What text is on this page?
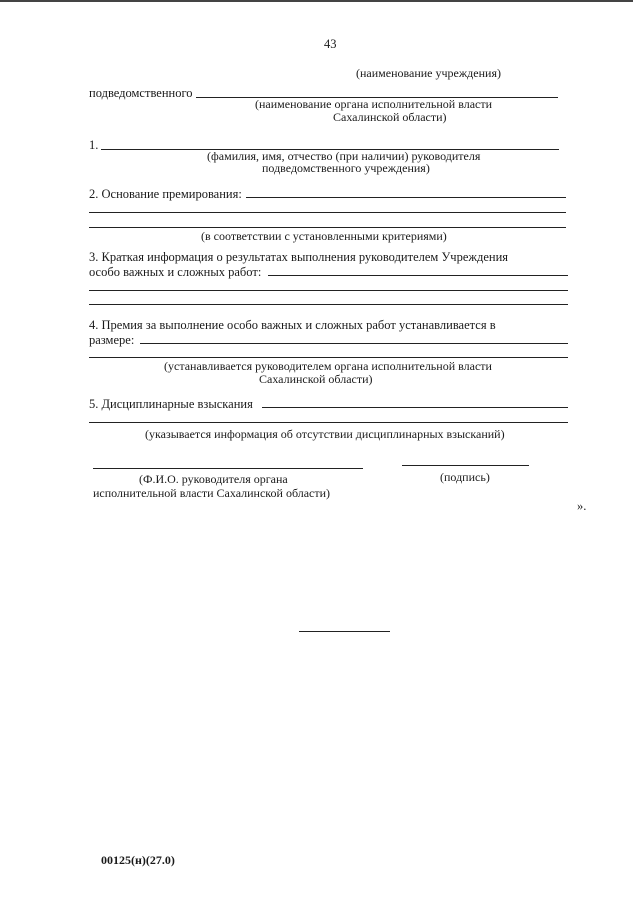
43
(наименование учреждения)
подведомственного
(наименование органа исполнительной власти
Сахалинской области)
1.
(фамилия, имя, отчество (при наличии) руководителя
подведомственного учреждения)
2. Основание премирования:
(в соответствии с установленными критериями)
3. Краткая информация о результатах выполнения руководителем Учреждения
особо важных и сложных работ:
4. Премия за выполнение особо важных и сложных работ устанавливается в
размере:
(устанавливается руководителем органа исполнительной власти
Сахалинской области)
5. Дисциплинарные взыскания
(указывается информация об отсутствии дисциплинарных взысканий)
(Ф.И.О. руководителя органа	(подпись)
исполнительной власти Сахалинской области)
».
00125(н)(27.0)
